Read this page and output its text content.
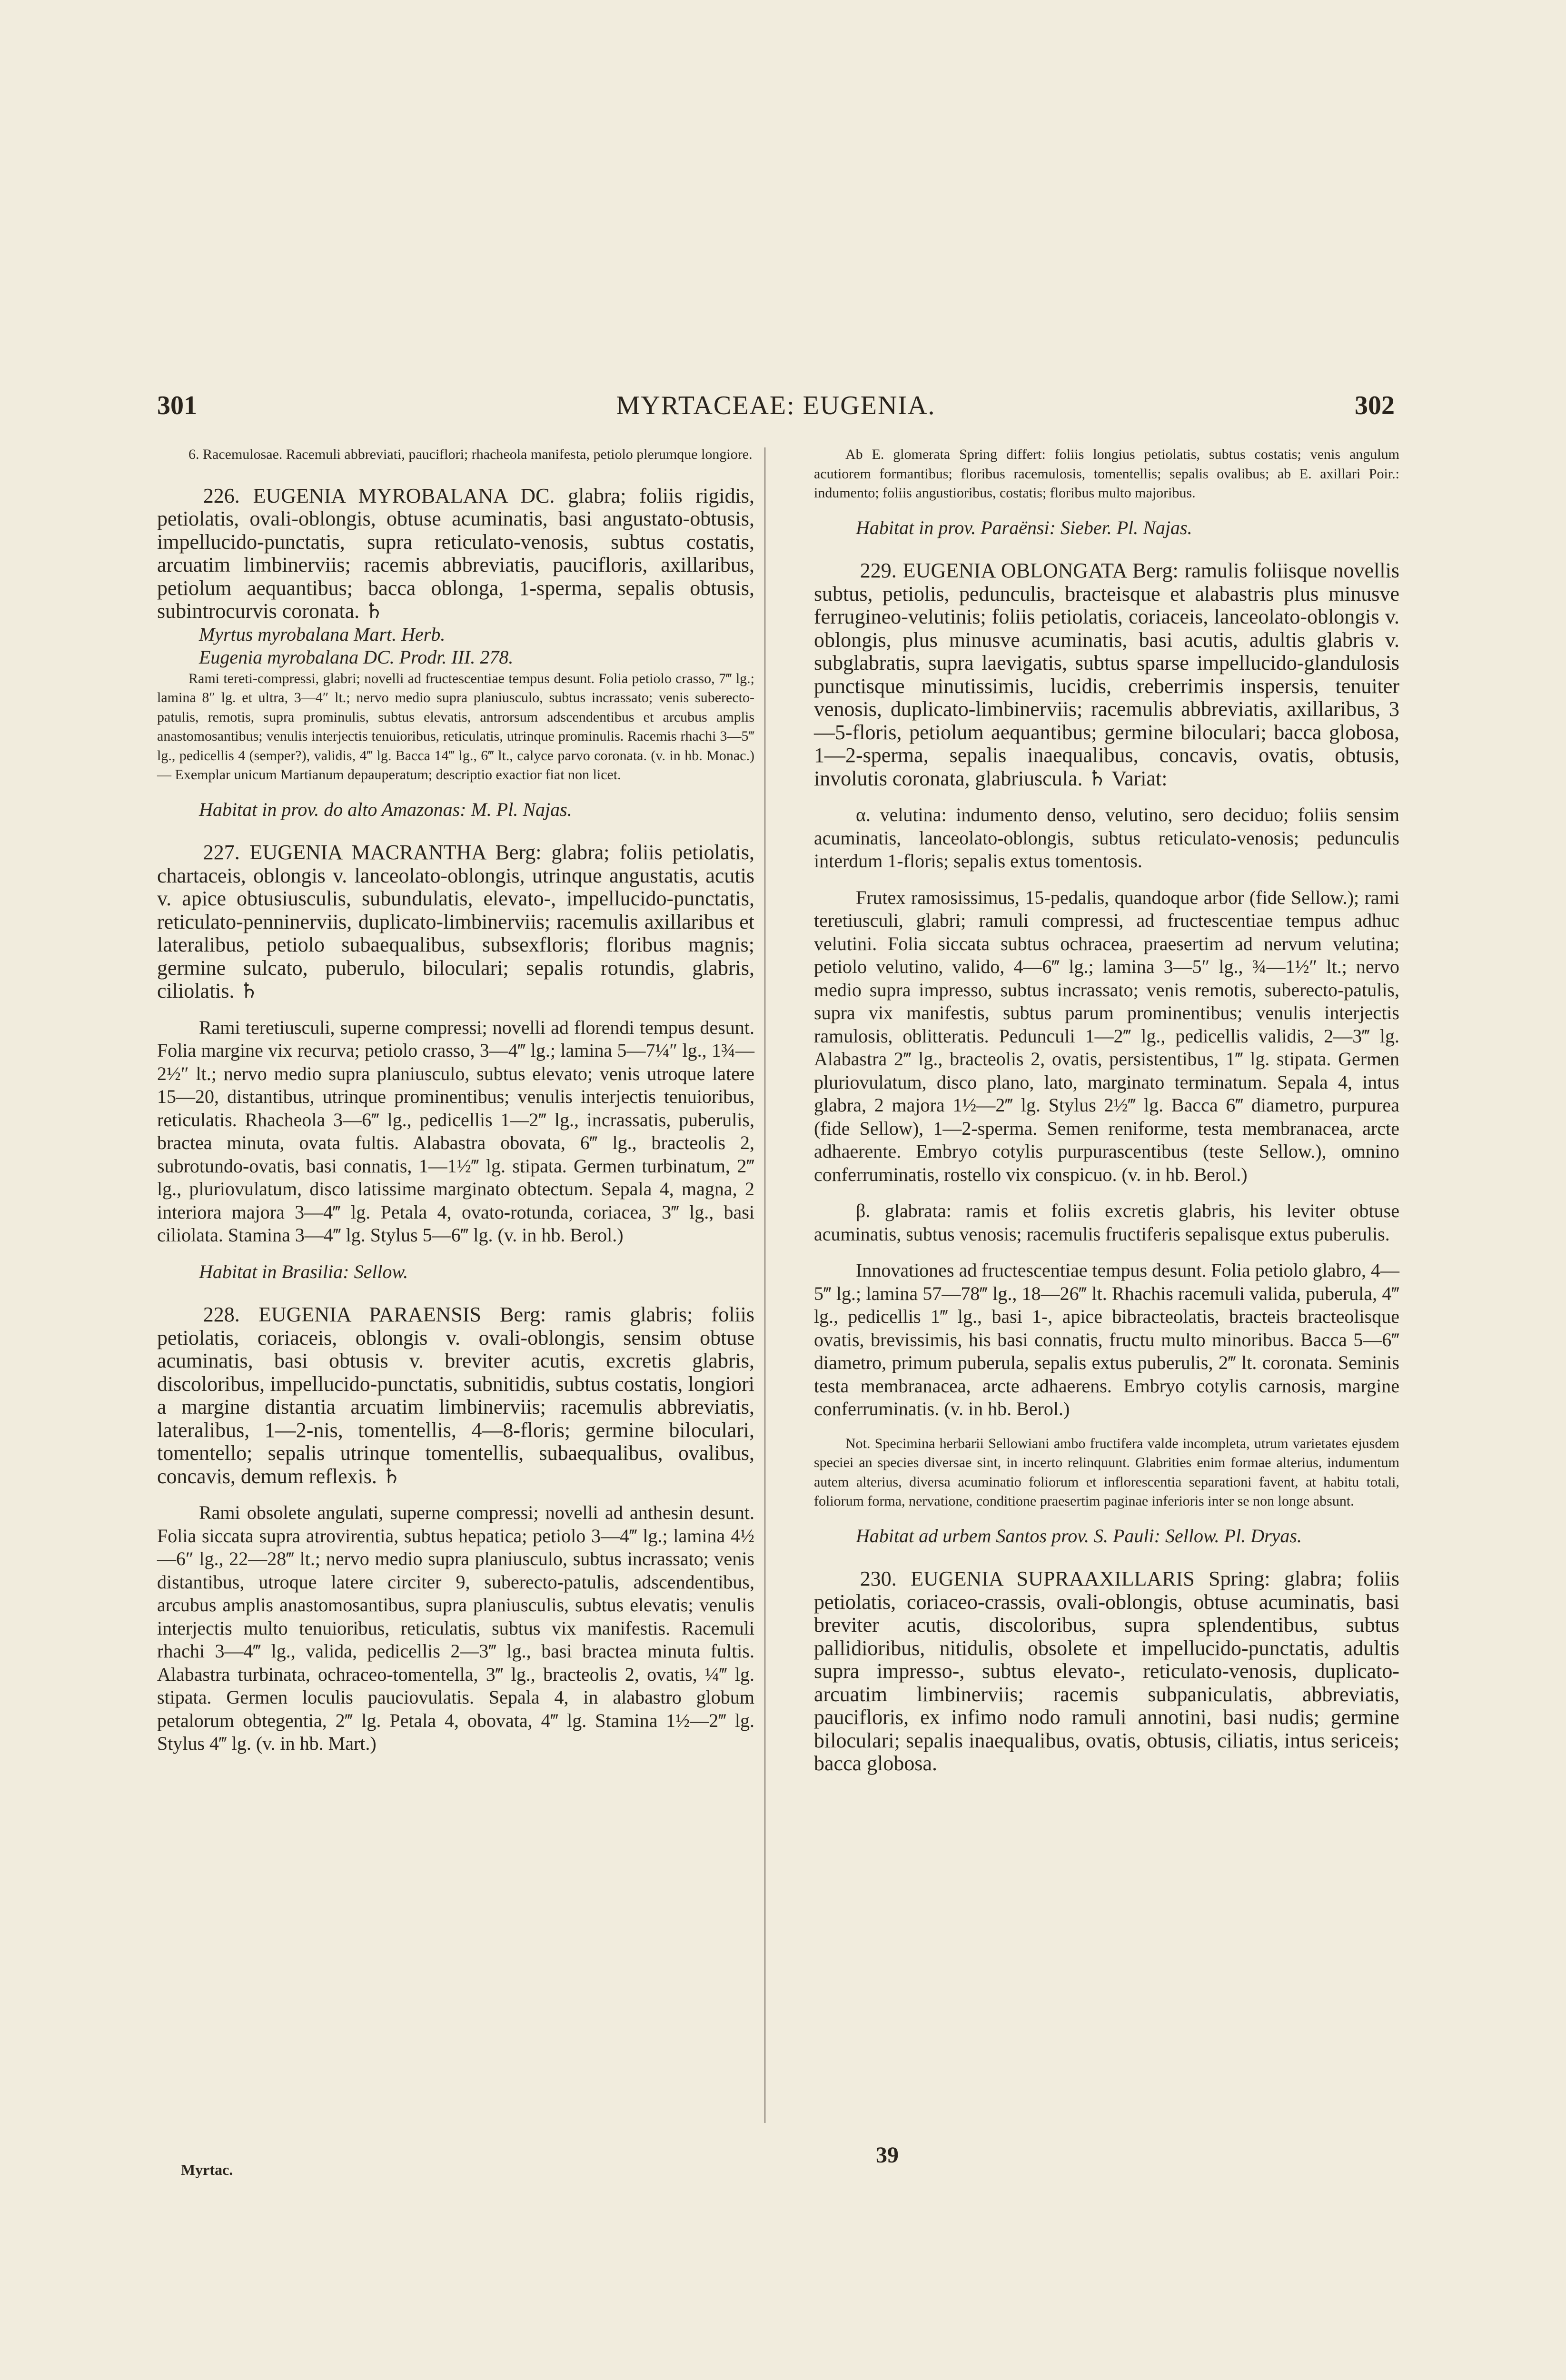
301	MYRTACEAE: EUGENIA.	302

6. Racemulosae. Racemuli abbreviati, pauciflori; rhacheola manifesta, petiolo plerumque longiore.

226. EUGENIA MYROBALANA DC. glabra; foliis rigidis, petiolatis, ovali-oblongis, obtuse acuminatis, basi angustato-obtusis, impellucido-punctatis, supra reticulato-venosis, subtus costatis, arcuatim limbinerviis; racemis abbreviatis, paucifloris, axillaribus, petiolum aequantibus; bacca oblonga, 1-sperma, sepalis obtusis, subintrocurvis coronata. ♄

Myrtus myrobalana Mart. Herb.

Eugenia myrobalana DC. Prodr. III. 278.

Rami tereti-compressi, glabri; novelli ad fructescentiae tempus desunt. Folia petiolo crasso, 7‴ lg.; lamina 8″ lg. et ultra, 3—4″ lt.; nervo medio supra planiusculo, subtus incrassato; venis suberecto-patulis, remotis, supra prominulis, subtus elevatis, antrorsum adscendentibus et arcubus amplis anastomosantibus; venulis interjectis tenuioribus, reticulatis, utrinque prominulis. Racemis rhachi 3—5‴ lg., pedicellis 4 (semper?), validis, 4‴ lg. Bacca 14‴ lg., 6‴ lt., calyce parvo coronata. (v. in hb. Monac.) — Exemplar unicum Martianum depauperatum; descriptio exactior fiat non licet.

Habitat in prov. do alto Amazonas: M. Pl. Najas.

227. EUGENIA MACRANTHA Berg: glabra; foliis petiolatis, chartaceis, oblongis v. lanceolato-oblongis, utrinque angustatis, acutis v. apice obtusiusculis, subundulatis, elevato-, impellucido-punctatis, reticulato-penninerviis, duplicato-limbinerviis; racemulis axillaribus et lateralibus, petiolo subaequalibus, subsexfloris; floribus magnis; germine sulcato, puberulo, biloculari; sepalis rotundis, glabris, ciliolatis. ♄

Rami teretiusculi, superne compressi; novelli ad florendi tempus desunt. Folia margine vix recurva; petiolo crasso, 3—4‴ lg.; lamina 5—7¼″ lg., 1¾—2½″ lt.; nervo medio supra planiusculo, subtus elevato; venis utroque latere 15—20, distantibus, utrinque prominentibus; venulis interjectis tenuioribus, reticulatis. Rhacheola 3—6‴ lg., pedicellis 1—2‴ lg., incrassatis, puberulis, bractea minuta, ovata fultis. Alabastra obovata, 6‴ lg., bracteolis 2, subrotundo-ovatis, basi connatis, 1—1½‴ lg. stipata. Germen turbinatum, 2‴ lg., pluriovulatum, disco latissime marginato obtectum. Sepala 4, magna, 2 interiora majora 3—4‴ lg. Petala 4, ovato-rotunda, coriacea, 3‴ lg., basi ciliolata. Stamina 3—4‴ lg. Stylus 5—6‴ lg. (v. in hb. Berol.)

Habitat in Brasilia: Sellow.

228. EUGENIA PARAENSIS Berg: ramis glabris; foliis petiolatis, coriaceis, oblongis v. ovali-oblongis, sensim obtuse acuminatis, basi obtusis v. breviter acutis, excretis glabris, discoloribus, impellucido-punctatis, subnitidis, subtus costatis, longiori a margine distantia arcuatim limbinerviis; racemulis abbreviatis, lateralibus, 1—2-nis, tomentellis, 4—8-floris; germine biloculari, tomentello; sepalis utrinque tomentellis, subaequalibus, ovalibus, concavis, demum reflexis. ♄

Rami obsolete angulati, superne compressi; novelli ad anthesin desunt. Folia siccata supra atrovirentia, subtus hepatica; petiolo 3—4‴ lg.; lamina 4½—6″ lg., 22—28‴ lt.; nervo medio supra planiusculo, subtus incrassato; venis distantibus, utroque latere circiter 9, suberecto-patulis, adscendentibus, arcubus amplis anastomosantibus, supra planiusculis, subtus elevatis; venulis interjectis multo tenuioribus, reticulatis, subtus vix manifestis. Racemuli rhachi 3—4‴ lg., valida, pedicellis 2—3‴ lg., basi bractea minuta fultis. Alabastra turbinata, ochraceo-tomentella, 3‴ lg., bracteolis 2, ovatis, ¼‴ lg. stipata. Germen loculis pauciovulatis. Sepala 4, in alabastro globum petalorum obtegentia, 2‴ lg. Petala 4, obovata, 4‴ lg. Stamina 1½—2‴ lg. Stylus 4‴ lg. (v. in hb. Mart.)

Ab E. glomerata Spring differt: foliis longius petiolatis, subtus costatis; venis angulum acutiorem formantibus; floribus racemulosis, tomentellis; sepalis ovalibus; ab E. axillari Poir.: indumento; foliis angustioribus, costatis; floribus multo majoribus.

Habitat in prov. Paraënsi: Sieber. Pl. Najas.

229. EUGENIA OBLONGATA Berg: ramulis foliisque novellis subtus, petiolis, pedunculis, bracteisque et alabastris plus minusve ferrugineo-velutinis; foliis petiolatis, coriaceis, lanceolato-oblongis v. oblongis, plus minusve acuminatis, basi acutis, adultis glabris v. subglabratis, supra laevigatis, subtus sparse impellucido-glandulosis punctisque minutissimis, lucidis, creberrimis inspersis, tenuiter venosis, duplicato-limbinerviis; racemulis abbreviatis, axillaribus, 3—5-floris, petiolum aequantibus; germine biloculari; bacca globosa, 1—2-sperma, sepalis inaequalibus, concavis, ovatis, obtusis, involutis coronata, glabriuscula. ♄ Variat:

α. velutina: indumento denso, velutino, sero deciduo; foliis sensim acuminatis, lanceolato-oblongis, subtus reticulato-venosis; pedunculis interdum 1-floris; sepalis extus tomentosis.

Frutex ramosissimus, 15-pedalis, quandoque arbor (fide Sellow.); rami teretiusculi, glabri; ramuli compressi, ad fructescentiae tempus adhuc velutini. Folia siccata subtus ochracea, praesertim ad nervum velutina; petiolo velutino, valido, 4—6‴ lg.; lamina 3—5″ lg., ¾—1½″ lt.; nervo medio supra impresso, subtus incrassato; venis remotis, suberecto-patulis, supra vix manifestis, subtus parum prominentibus; venulis interjectis ramulosis, oblitteratis. Pedunculi 1—2‴ lg., pedicellis validis, 2—3‴ lg. Alabastra 2‴ lg., bracteolis 2, ovatis, persistentibus, 1‴ lg. stipata. Germen pluriovulatum, disco plano, lato, marginato terminatum. Sepala 4, intus glabra, 2 majora 1½—2‴ lg. Stylus 2½‴ lg. Bacca 6‴ diametro, purpurea (fide Sellow), 1—2-sperma. Semen reniforme, testa membranacea, arcte adhaerente. Embryo cotylis purpurascentibus (teste Sellow.), omnino conferruminatis, rostello vix conspicuo. (v. in hb. Berol.)

β. glabrata: ramis et foliis excretis glabris, his leviter obtuse acuminatis, subtus venosis; racemulis fructiferis sepalisque extus puberulis.

Innovationes ad fructescentiae tempus desunt. Folia petiolo glabro, 4—5‴ lg.; lamina 57—78‴ lg., 18—26‴ lt. Rhachis racemuli valida, puberula, 4‴ lg., pedicellis 1‴ lg., basi 1-, apice bibracteolatis, bracteis bracteolisque ovatis, brevissimis, his basi connatis, fructu multo minoribus. Bacca 5—6‴ diametro, primum puberula, sepalis extus puberulis, 2‴ lt. coronata. Seminis testa membranacea, arcte adhaerens. Embryo cotylis carnosis, margine conferruminatis. (v. in hb. Berol.)

Not. Specimina herbarii Sellowiani ambo fructifera valde incompleta, utrum varietates ejusdem speciei an species diversae sint, in incerto relinquunt. Glabrities enim formae alterius, indumentum autem alterius, diversa acuminatio foliorum et inflorescentia separationi favent, at habitu totali, foliorum forma, nervatione, conditione praesertim paginae inferioris inter se non longe absunt.

Habitat ad urbem Santos prov. S. Pauli: Sellow. Pl. Dryas.

230. EUGENIA SUPRAAXILLARIS Spring: glabra; foliis petiolatis, coriaceo-crassis, ovali-oblongis, obtuse acuminatis, basi breviter acutis, discoloribus, supra splendentibus, subtus pallidioribus, nitidulis, obsolete et impellucido-punctatis, adultis supra impresso-, subtus elevato-, reticulato-venosis, duplicato- arcuatim limbinerviis; racemis subpaniculatis, abbreviatis, paucifloris, ex infimo nodo ramuli annotini, basi nudis; germine biloculari; sepalis inaequalibus, ovatis, obtusis, ciliatis, intus sericeis; bacca globosa.

Myrtac.
39
